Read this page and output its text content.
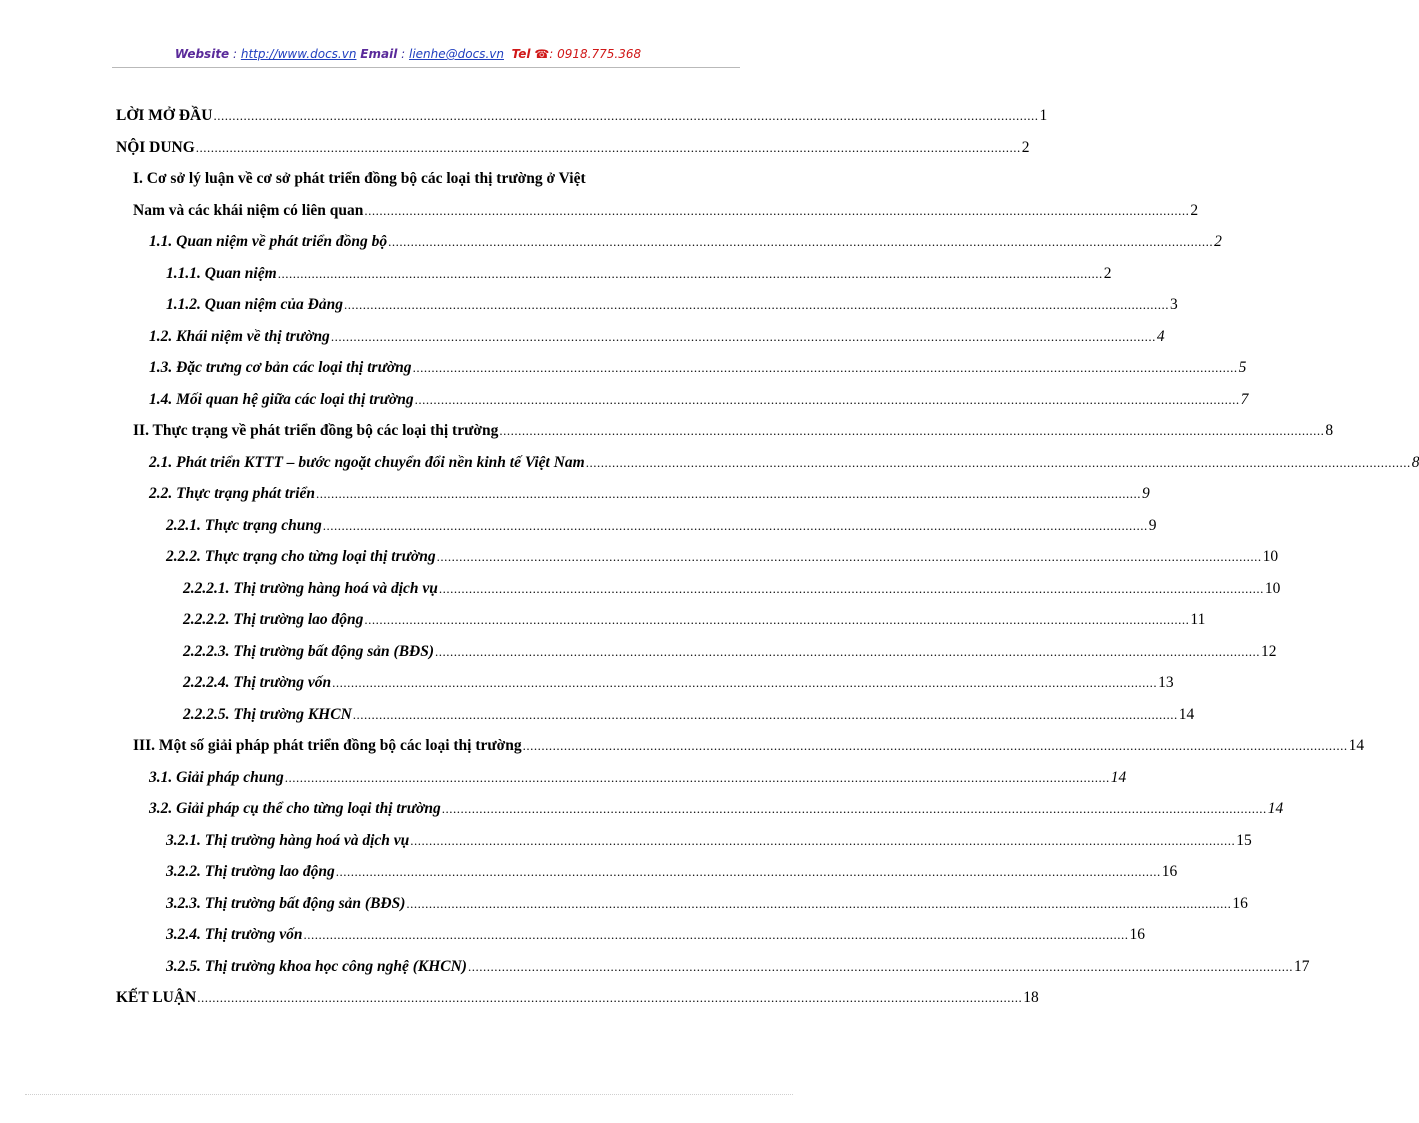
Website : http://www.docs.vn Email : lienhe@docs.vn Tel ☎: 0918.775.368
LỜI MỞ ĐẦU ............................................................................................................................................................................................................................ 1
NỘI DUNG ............................................................................................................................................................................................................................ 2
I. Cơ sở lý luận về cơ sở phát triển đồng bộ các loại thị trường ở Việt
Nam và các khái niệm có liên quan ............................................................................................................................................................................................................................ 2
1.1. Quan niệm về phát triển đồng bộ ............................................................................................................................................................................................................................ 2
1.1.1. Quan niệm ............................................................................................................................................................................................................................ 2
1.1.2. Quan niệm của Đảng ............................................................................................................................................................................................................................ 3
1.2. Khái niệm về thị trường ............................................................................................................................................................................................................................ 4
1.3. Đặc trưng cơ bản các loại thị trường ............................................................................................................................................................................................................................ 5
1.4. Mối quan hệ giữa các loại thị trường ............................................................................................................................................................................................................................ 7
II. Thực trạng về phát triển đồng bộ các loại thị trường ............................................................................................................................................................................................................................ 8
2.1. Phát triển KTTT – bước ngoặt chuyển đổi nền kinh tế Việt Nam ............................................................................................................................................................................................................................ 8
2.2. Thực trạng phát triển ............................................................................................................................................................................................................................ 9
2.2.1. Thực trạng chung ............................................................................................................................................................................................................................ 9
2.2.2. Thực trạng cho từng loại thị trường ............................................................................................................................................................................................................................ 10
2.2.2.1. Thị trường hàng hoá và dịch vụ ............................................................................................................................................................................................................................ 10
2.2.2.2. Thị trường lao động ............................................................................................................................................................................................................................ 11
2.2.2.3. Thị trường bất động sản (BĐS) ............................................................................................................................................................................................................................ 12
2.2.2.4. Thị trường vốn ............................................................................................................................................................................................................................ 13
2.2.2.5. Thị trường KHCN ............................................................................................................................................................................................................................ 14
III. Một số giải pháp phát triển đồng bộ các loại thị trường ............................................................................................................................................................................................................................ 14
3.1. Giải pháp chung ............................................................................................................................................................................................................................ 14
3.2. Giải pháp cụ thể cho từng loại thị trường ............................................................................................................................................................................................................................ 14
3.2.1. Thị trường hàng hoá và dịch vụ ............................................................................................................................................................................................................................ 15
3.2.2. Thị trường lao động ............................................................................................................................................................................................................................ 16
3.2.3. Thị trường bất động sản (BĐS) ............................................................................................................................................................................................................................ 16
3.2.4. Thị trường vốn ............................................................................................................................................................................................................................ 16
3.2.5. Thị trường khoa học công nghệ (KHCN) ............................................................................................................................................................................................................................ 17
KẾT LUẬN ............................................................................................................................................................................................................................ 18
